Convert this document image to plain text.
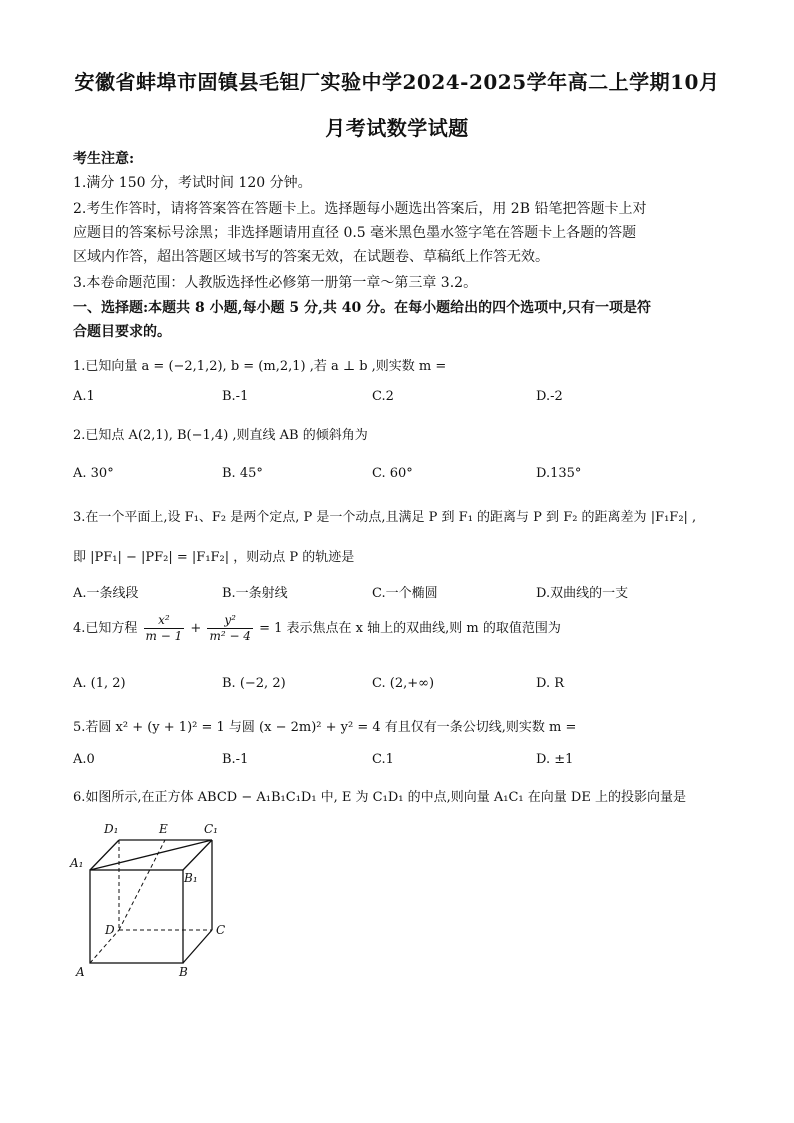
安徽省蚌埠市固镇县毛钽厂实验中学2024-2025学年高二上学期10月
月考试数学试题
考生注意:
1.满分 150 分，考试时间 120 分钟。
2.考生作答时，请将答案答在答题卡上。选择题每小题选出答案后，用 2B 铅笔把答题卡上对
应题目的答案标号涂黑；非选择题请用直径 0.5 毫米黑色墨水签字笔在答题卡上各题的答题
区域内作答，超出答题区域书写的答案无效，在试题卷、草稿纸上作答无效。
3.本卷命题范围：人教版选择性必修第一册第一章～第三章 3.2。
一、选择题:本题共 8 小题,每小题 5 分,共 40 分。在每小题给出的四个选项中,只有一项是符
合题目要求的。
1.已知向量 a = (−2,1,2), b = (m,2,1) ,若 a ⊥ b ,则实数 m =
A.1	B.-1	C.2	D.-2
2.已知点 A(2,1), B(−1,4) ,则直线 AB 的倾斜角为
A. 30°	B. 45°	C. 60°	D.135°
3.在一个平面上,设 F₁、F₂ 是两个定点, P 是一个动点,且满足 P 到 F₁ 的距离与 P 到 F₂ 的距离差为 |F₁F₂| ,
即 |PF₁| − |PF₂| = |F₁F₂| ，则动点 P 的轨迹是
A.一条线段	B.一条射线	C.一个椭圆	D.双曲线的一支
4.已知方程 $\frac{\text{x²}}{m - 1} + \frac{\text{y²}}{\text{m² − 4}} = 1$ 表示焦点在 x 轴上的双曲线,则 m 的取值范围为
A. (1, 2)	B. (−2, 2)	C. (2,+∞)	D. R
5.若圆 x² + (y + 1)² = 1 与圆 (x − 2m)² + y² = 4 有且仅有一条公切线,则实数 m =
A.0	B.-1	C.1	D. ±1
6.如图所示,在正方体 ABCD − A₁B₁C₁D₁ 中, E 为 C₁D₁ 的中点,则向量 A₁C₁ 在向量 DE 上的投影向量是
D₁	E	C₁
A₁
B₁
D	C
A	B
